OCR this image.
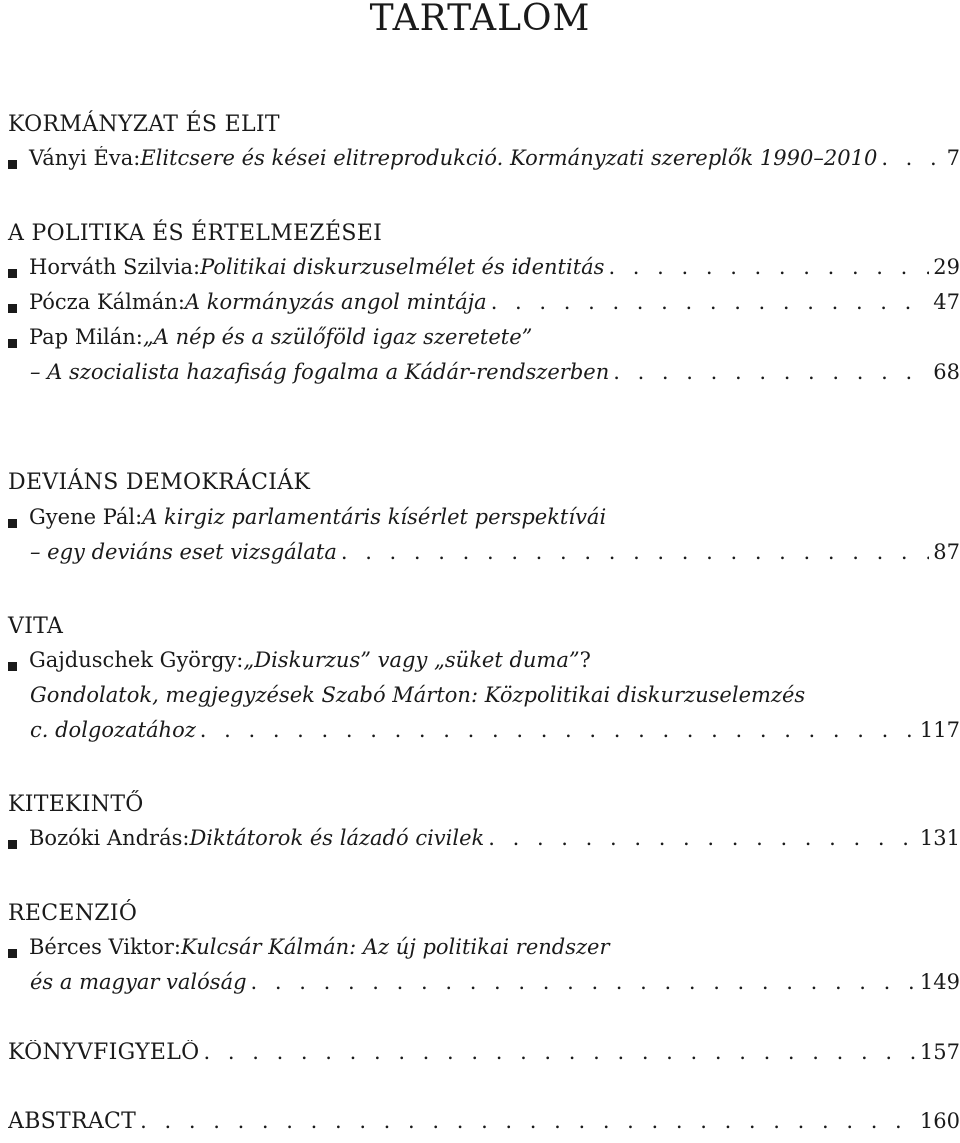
TARTALOM
KORMÁNYZAT ÉS ELIT
Ványi Éva: Elitcsere és kései elitreprodukció. Kormányzati szereplők 1990–2010 . . .	7
A POLITIKA ÉS ÉRTELMEZÉSEI
Horváth Szilvia: Politikai diskurzuselmélet és identitás . . .	29
Pócza Kálmán: A kormányzás angol mintája . . .	47
Pap Milán: „A nép és a szülőföld igaz szeretete”
– A szocialista hazafiság fogalma a Kádár-rendszerben . . .	68
DEVIÁNS DEMOKRÁCIÁK
Gyene Pál: A kirgiz parlamentáris kísérlet perspektívái
– egy deviáns eset vizsgálata . . .	87
VITA
Gajduschek György: „Diskurzus” vagy „süket duma” ?
Gondolatok, megjegyzések Szabó Márton: Közpolitikai diskurzuselemzés
c. dolgozatához . . .	117
KITEKINTŐ
Bozóki András: Diktátorok és lázadó civilek . . .	131
RECENZIÓ
Bérces Viktor: Kulcsár Kálmán: Az új politikai rendszer
és a magyar valóság . . .	149
KÖNYVFIGYELŐ . . .	157
ABSTRACT . . .	160
